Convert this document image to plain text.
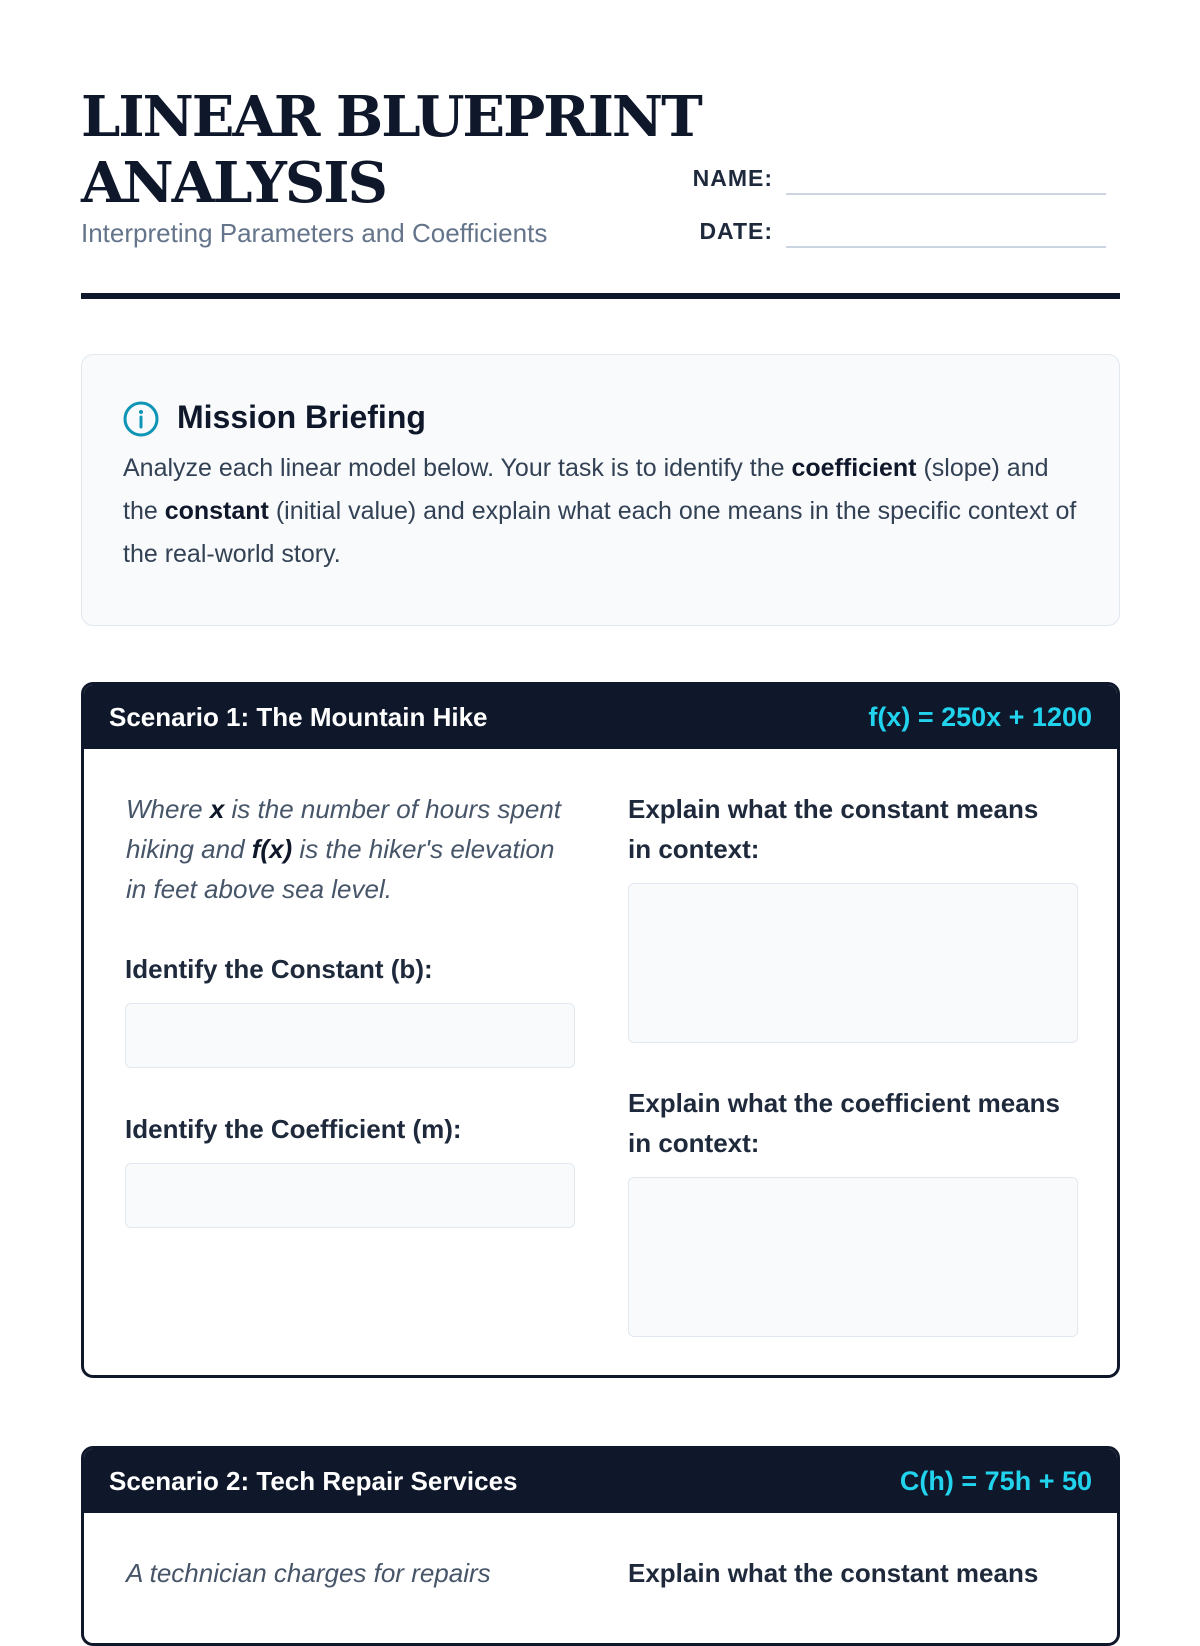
LINEAR BLUEPRINT
ANALYSIS
Interpreting Parameters and Coefficients
NAME:
DATE:
Mission Briefing
Analyze each linear model below. Your task is to identify the coefficient (slope) and the constant (initial value) and explain what each one means in the specific context of the real-world story.
Scenario 1: The Mountain Hike	f(x) = 250x + 1200
Where x is the number of hours spent hiking and f(x) is the hiker's elevation in feet above sea level.
Identify the Constant (b):
Identify the Coefficient (m):
Explain what the constant means in context:
Explain what the coefficient means in context:
Scenario 2: Tech Repair Services	C(h) = 75h + 50
A technician charges for repairs	Explain what the constant means
